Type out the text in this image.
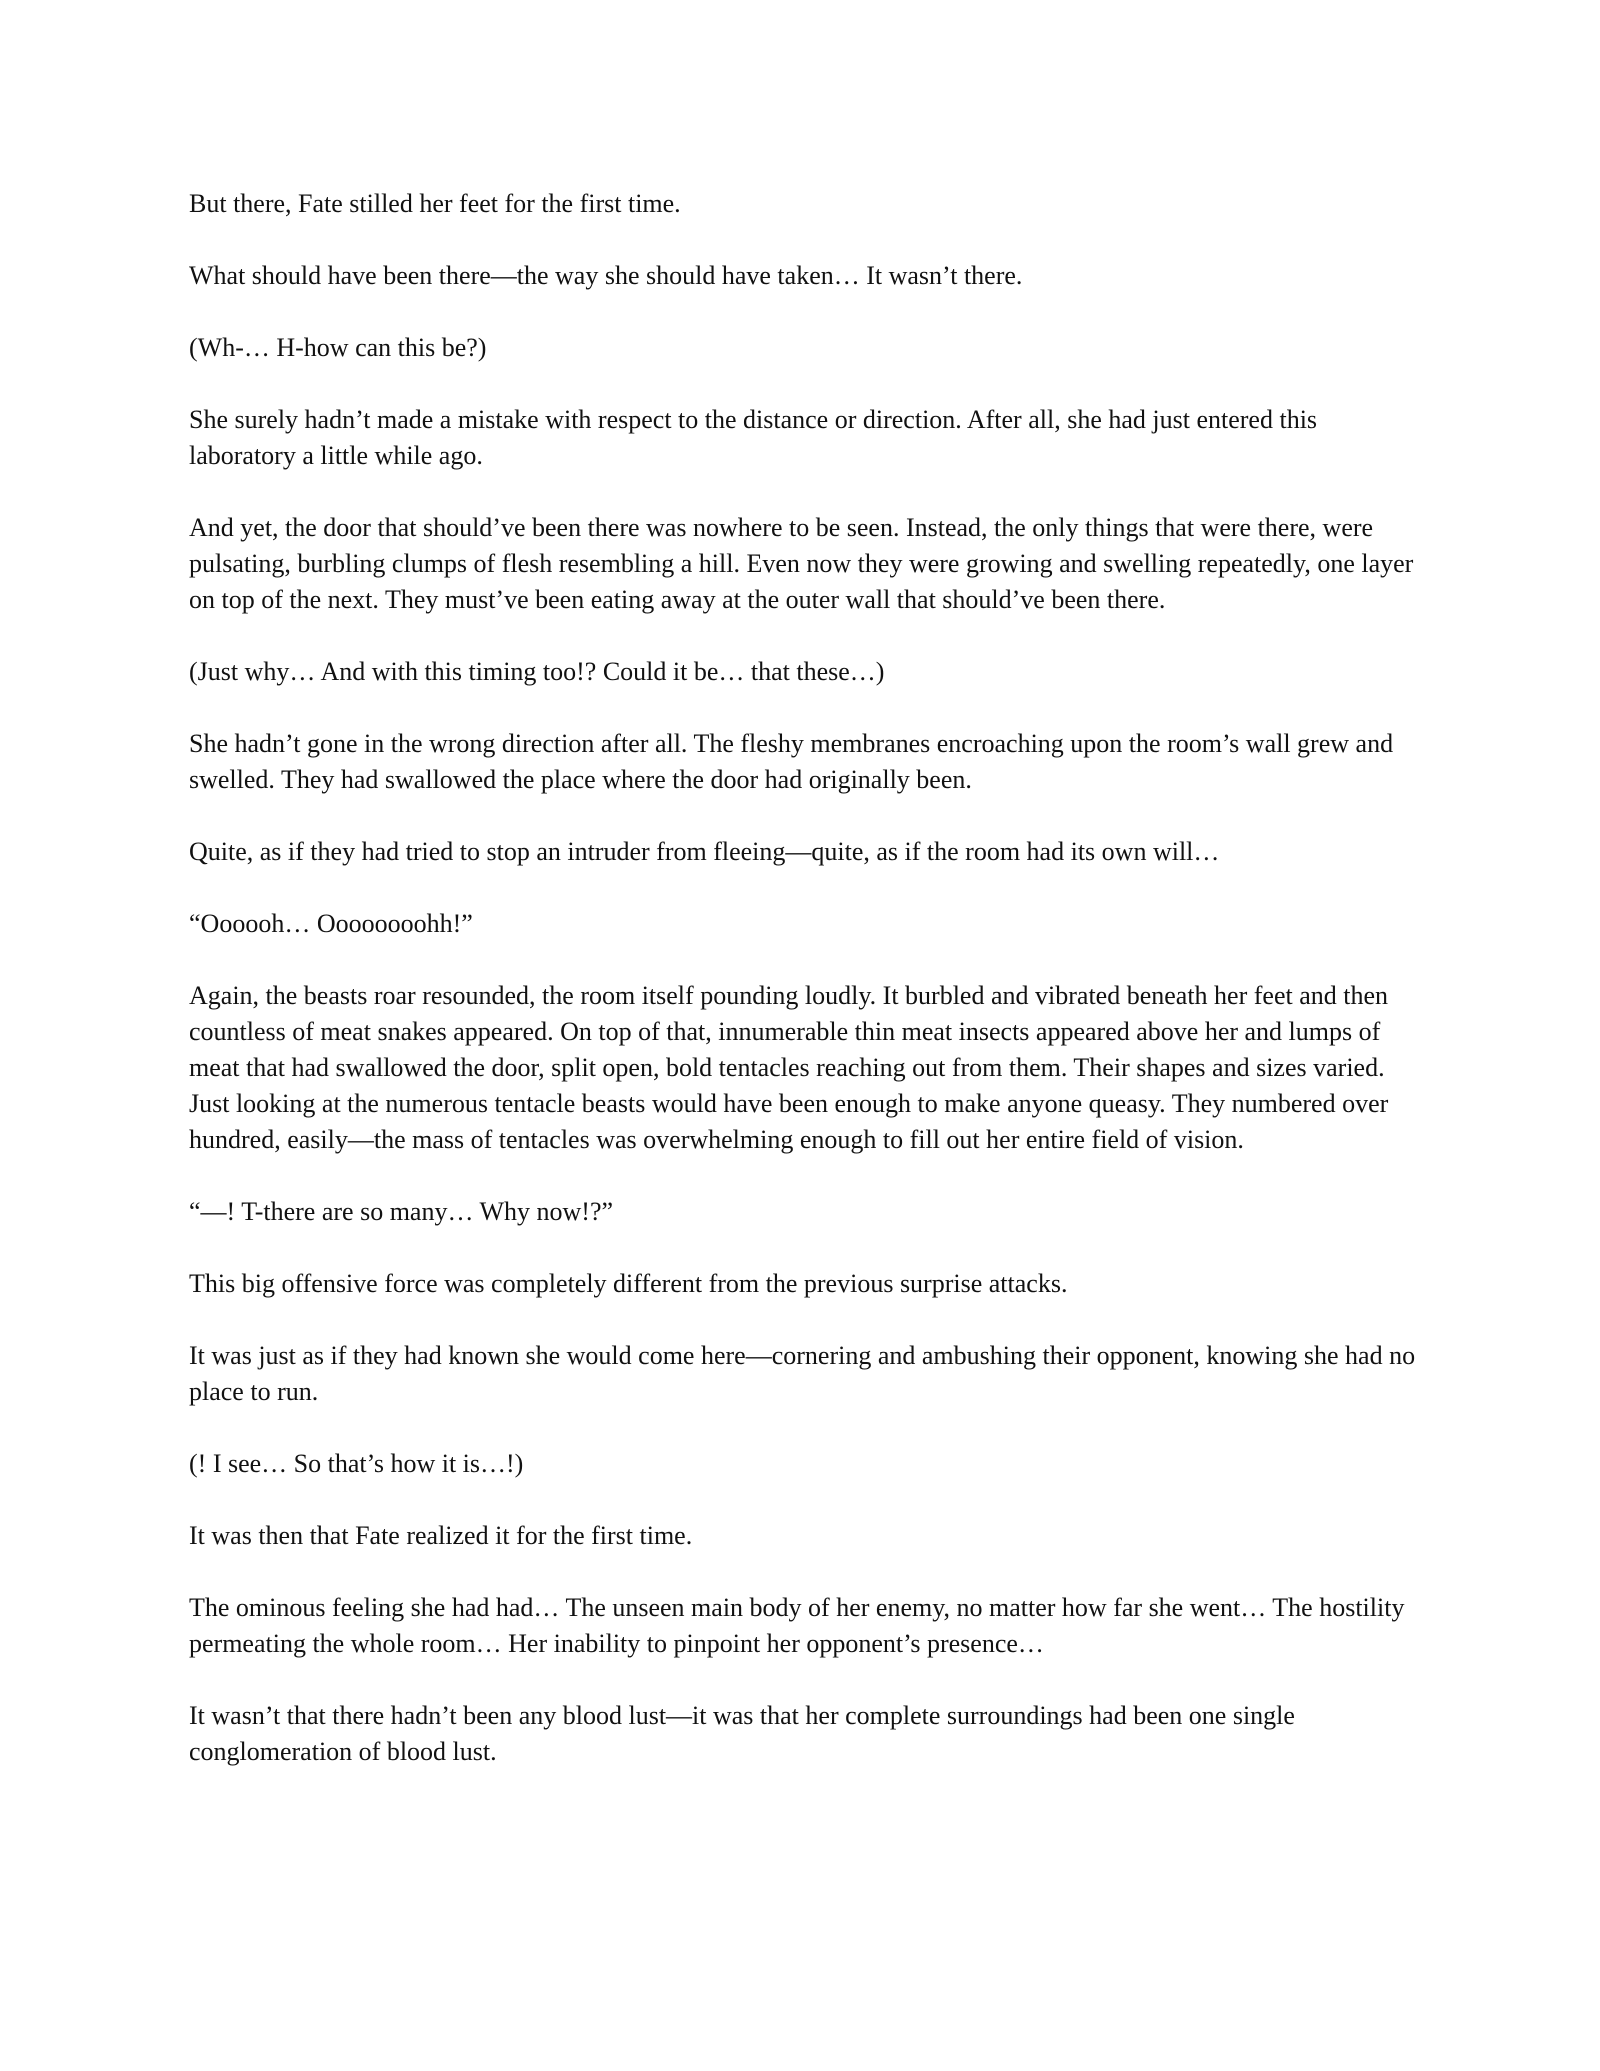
But there, Fate stilled her feet for the first time.

What should have been there—the way she should have taken… It wasn’t there.

(Wh-… H-how can this be?)

She surely hadn’t made a mistake with respect to the distance or direction. After all, she had just entered this laboratory a little while ago.

And yet, the door that should’ve been there was nowhere to be seen. Instead, the only things that were there, were pulsating, burbling clumps of flesh resembling a hill. Even now they were growing and swelling repeatedly, one layer on top of the next. They must’ve been eating away at the outer wall that should’ve been there.

(Just why… And with this timing too!? Could it be… that these…)

She hadn’t gone in the wrong direction after all. The fleshy membranes encroaching upon the room’s wall grew and swelled. They had swallowed the place where the door had originally been.

Quite, as if they had tried to stop an intruder from fleeing—quite, as if the room had its own will…

“Oooooh… Oooooooohh!”

Again, the beasts roar resounded, the room itself pounding loudly. It burbled and vibrated beneath her feet and then countless of meat snakes appeared. On top of that, innumerable thin meat insects appeared above her and lumps of meat that had swallowed the door, split open, bold tentacles reaching out from them. Their shapes and sizes varied. Just looking at the numerous tentacle beasts would have been enough to make anyone queasy. They numbered over hundred, easily—the mass of tentacles was overwhelming enough to fill out her entire field of vision.

“—! T-there are so many… Why now!?”

This big offensive force was completely different from the previous surprise attacks.

It was just as if they had known she would come here—cornering and ambushing their opponent, knowing she had no place to run.

(! I see… So that’s how it is…!)

It was then that Fate realized it for the first time.

The ominous feeling she had had… The unseen main body of her enemy, no matter how far she went… The hostility permeating the whole room… Her inability to pinpoint her opponent’s presence…

It wasn’t that there hadn’t been any blood lust—it was that her complete surroundings had been one single conglomeration of blood lust.
